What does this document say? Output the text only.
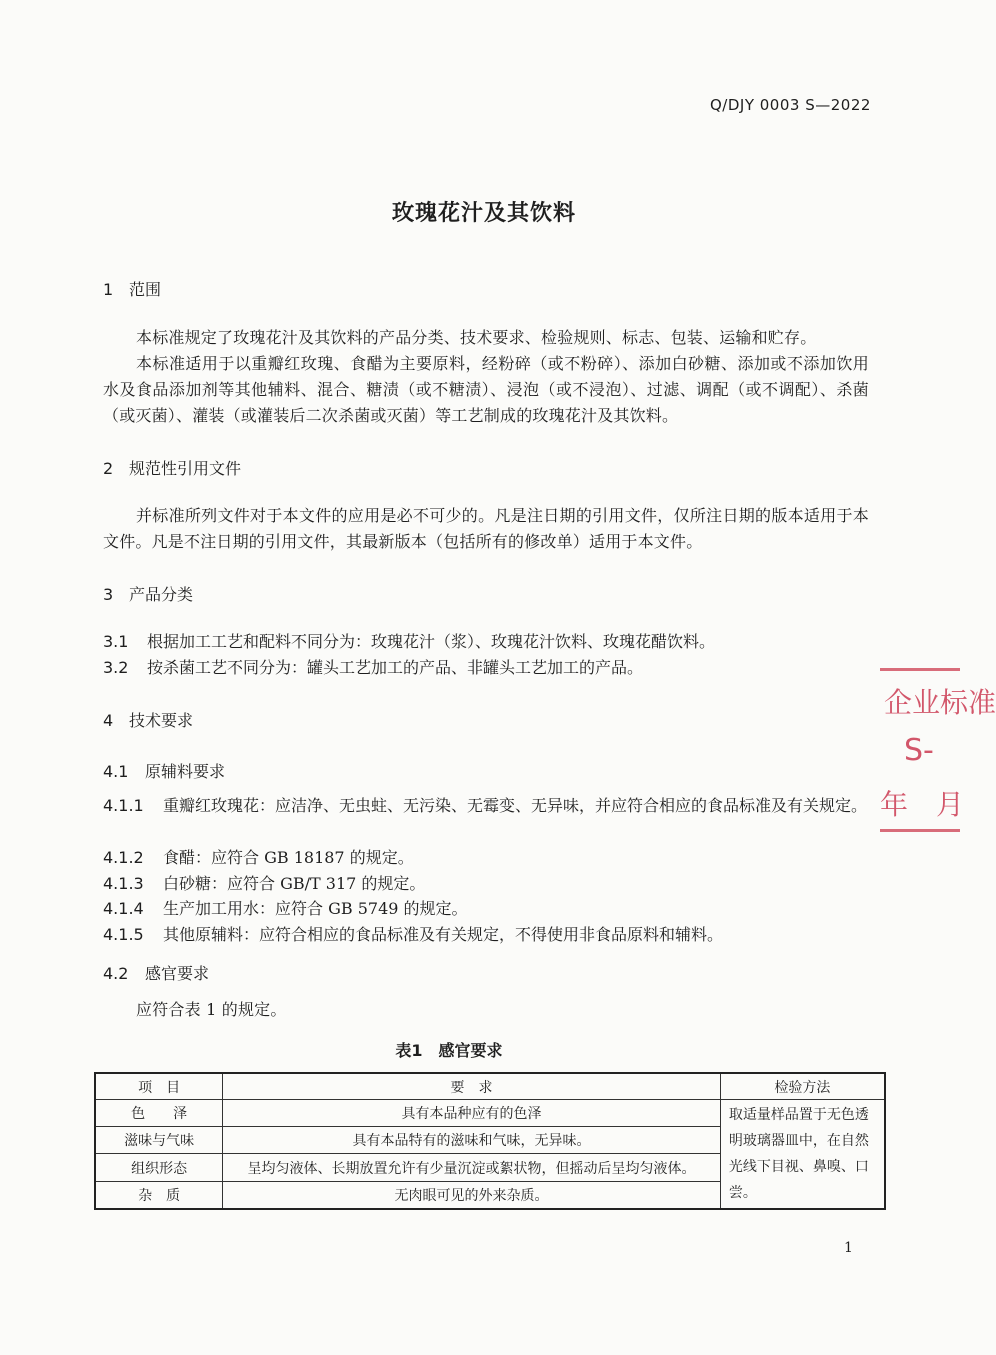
Q/DJY 0003 S—2022
玫瑰花汁及其饮料
1 范围
本标准规定了玫瑰花汁及其饮料的产品分类、技术要求、检验规则、标志、包装、运输和贮存。
本标准适用于以重瓣红玫瑰、食醋为主要原料，经粉碎（或不粉碎）、添加白砂糖、添加或不添加饮用水及食品添加剂等其他辅料、混合、糖渍（或不糖渍）、浸泡（或不浸泡）、过滤、调配（或不调配）、杀菌（或灭菌）、灌装（或灌装后二次杀菌或灭菌）等工艺制成的玫瑰花汁及其饮料。
2 规范性引用文件
并标准所列文件对于本文件的应用是必不可少的。凡是注日期的引用文件，仅所注日期的版本适用于本文件。凡是不注日期的引用文件，其最新版本（包括所有的修改单）适用于本文件。
3 产品分类
3.1 根据加工工艺和配料不同分为：玫瑰花汁（浆）、玫瑰花汁饮料、玫瑰花醋饮料。
3.2 按杀菌工艺不同分为：罐头工艺加工的产品、非罐头工艺加工的产品。
4 技术要求
4.1 原辅料要求
4.1.1 重瓣红玫瑰花：应洁净、无虫蛀、无污染、无霉变、无异味，并应符合相应的食品标准及有关规定。
4.1.2 食醋：应符合 GB 18187 的规定。
4.1.3 白砂糖：应符合 GB/T 317 的规定。
4.1.4 生产加工用水：应符合 GB 5749 的规定。
4.1.5 其他原辅料：应符合相应的食品标准及有关规定，不得使用非食品原料和辅料。
4.2 感官要求
应符合表 1 的规定。
表1　感官要求
项　目	要　求	检验方法
色　　泽	具有本品种应有的色泽	取适量样品置于无色透明玻璃器皿中，在自然光线下目视、鼻嗅、口尝。
滋味与气味	具有本品特有的滋味和气味，无异味。	
组织形态	呈均匀液体、长期放置允许有少量沉淀或絮状物，但摇动后呈均匀液体。	
杂　质	无肉眼可见的外来杂质。	
企业标准
S-
年　月
1
